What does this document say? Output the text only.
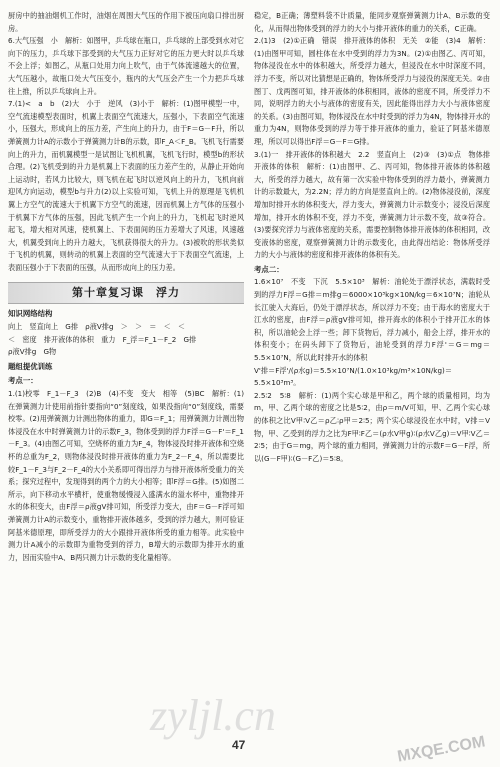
厨房中的抽油烟机工作时，油烟在周围大气压的作用下被压向扇口排出厨房。

6.大气压强　小　解析：如图甲，乒乓球在瓶口，乒乓球的上部受到水对它向下的压力，乒乓球下部受到的大气压力正好对它的压力更大时以乒乓球不会上浮；如图乙，从瓶口处用力向上吹气，由于气体流速越大的位置，大气压越小，故瓶口处大气压变小，瓶内的大气压会产生一个力把乒乓球往上推，所以乒乓球向上升。

7.(1)<　a　b　(2)大　小于　逆风　(3)小于　解析：(1)图甲模型一中，空气流速模型表面时，机翼上表面空气流速大，压强小，下表面空气流速小，压强大，形成向上的压力差，产生向上的升力，由于F＝G－F升，所以弹簧测力计A的示数小于弹簧测力计B的示数，即F_A＜F_B。飞机飞行需要向上的升力，而机翼模型一是试图让飞机机翼，飞机飞行时，模型b的形状合理。(2)飞机受到的升力是机翼上下表面的压力差产生的，从静止开始向上运动时，若风力比较大，则飞机在起飞时以逆风向上的升力，飞机向前迎风方向运动，模型b与升力(2)以上实验可知，飞机上升的原理是飞机机翼上方空气的流速大于机翼下方空气的流速，因而机翼上方气体的压强小于机翼下方气体的压强，因此飞机产生一个向上的升力，飞机起飞时逆风起飞，增大相对风速，使机翼上、下表面间的压力差增大了风速，风速越大，机翼受到向上的升力越大，飞机获得很大的升力。(3)被吹的形状类似于飞机的机翼，则转动的机翼上表面的空气流速大于下表面空气流速，上表面压强小于下表面的压强，从而形成向上的压力差。

第十章复习课　浮力

知识网络结构

向上　竖直向上　G排　ρ液V排g　＞　＞　＝　＜　＜

＜　密度　排开液体的体积　重力　F_浮＝F_1－F_2　G排

ρ液V排g　G物

题组提优训练

考点一：

1.(1)校零　F_1－F_3　(2)B　(4)不变　变大　相等　(5)BC　解析：(1)在弹簧测力计使用前指针要指向“0”刻度线，如果没指向“0”刻度线，需要校零。(2)用弹簧测力计测出物体的重力，即G＝F_1；用弹簧测力计测出物体浸没在水中时弹簧测力计的示数F_3，物体受到的浮力F浮＝G－F'＝F_1－F_3。(4)由图乙可知，空烧杯的重力为F_4，物体浸没时排开液体和空烧杯的总重为F_2，则物体浸没时排开液体的重力为F_2－F_4，所以需要比较F_1－F_3与F_2－F_4的大小关系即可得出浮力与排开液体所受重力的关系；探究过程中，发现得到的两个力的大小相等；即F浮＝G排。(5)如图二所示，向下移动水平横杆，使重物缓慢浸入盛满水的溢水杯中，重物排开水的体积变大，由F浮＝ρ液gV排可知，所受浮力变大，由F＝G－F浮可知弹簧测力计A的示数变小，重物排开液体越多，受到的浮力越大，则可验证阿基米德原理，即所受浮力的大小跟排开液体所受的重力相等。此实验中测力计A减小的示数即为重物受到的浮力，B增大的示数即为排开水的重力，因而实验中A、B两只测力计示数的变化量相等。

稳定，B正确；薄塑料袋不计质量，能同步观察弹簧测力计A、B示数的变化，从而得出物体受到的浮力的大小与排开液体的重力的关系，C正确。

2.(1)3　(2)①正确　错误　排开液体的体积　无关　②能　(3)4　解析：(1)由图甲可知，圆柱体在水中受到的浮力为3N。(2)①由图乙、丙可知，物体浸没在水中的体积越大，所受浮力越大，但浸没在水中时深度不同，浮力不变，所以对比猜想是正确的，物体所受浮力与浸没的深度无关。②由图丁、戊两图可知，排开液体的体积相同，液体的密度不同，所受浮力不同，说明浮力的大小与液体的密度有关，因此能得出浮力大小与液体密度的关系。(3)由图可知，物体浸没在水中时受到的浮力为4N，物体排开水的重力为4N，则物体受到的浮力等于排开液体的重力，验证了阿基米德原理，所以可以得出F浮＝G－F＝G排。

3.(1)一　排开液体的体积越大　2.2　竖直向上　(2)③　(3)①点　物体排开液体的体积　解析：(1)由图甲、乙、丙可知，物体排开液体的体积越大，所受的浮力越大，故有第一次实验中物体受到的浮力最小，弹簧测力计的示数最大，为2.2N；浮力的方向是竖直向上的。(2)物体浸没前，深度增加时排开水的体积变大，浮力变大，弹簧测力计示数变小；浸没后深度增加，排开水的体积不变，浮力不变，弹簧测力计示数不变，故③符合。(3)要探究浮力与液体密度的关系，需要控制物体排开液体的体积相同，改变液体的密度，观察弹簧测力计的示数变化，由此得出结论：物体所受浮力的大小与液体的密度和排开液体的体积有关。

考点二：

1.6×10⁷　不变　下沉　5.5×10³　解析：油轮处于漂浮状态，满载时受到的浮力F浮＝G排＝m排g＝6000×10³kg×10N/kg＝6×10⁷N；油轮从长江驶入大海后，仍处于漂浮状态，所以浮力不变；由于海水的密度大于江水的密度，由F浮＝ρ液gV排可知，排开海水的体积小于排开江水的体积，所以油轮会上浮一些；卸下货物后，浮力减小，船会上浮，排开水的体积变小；在码头卸下了货物后，油轮受到的浮力F浮'＝G＝mg＝5.5×10⁷N，所以此时排开水的体积

V'排＝F浮'/(ρ水g)＝5.5×10⁷N/(1.0×10³kg/m³×10N/kg)＝5.5×10³m³。

2.5∶2　5∶8　解析：(1)两个实心球是甲和乙，两个球的质量相同，均为m，甲、乙两个球的密度之比是5∶2，由ρ＝m/V可知，甲、乙两个实心球的体积之比V甲∶V乙＝ρ乙∶ρ甲＝2∶5；两个实心球浸没在水中时，V排＝V物，甲、乙受到的浮力之比为F甲∶F乙＝(ρ水V甲g)∶(ρ水V乙g)＝V甲∶V乙＝2∶5；由于G＝mg，两个球的重力相同，弹簧测力计的示数F＝G－F浮，所以(G－F甲)∶(G－F乙)＝5∶8。

zyljl.cn
47	MXQE.COM
